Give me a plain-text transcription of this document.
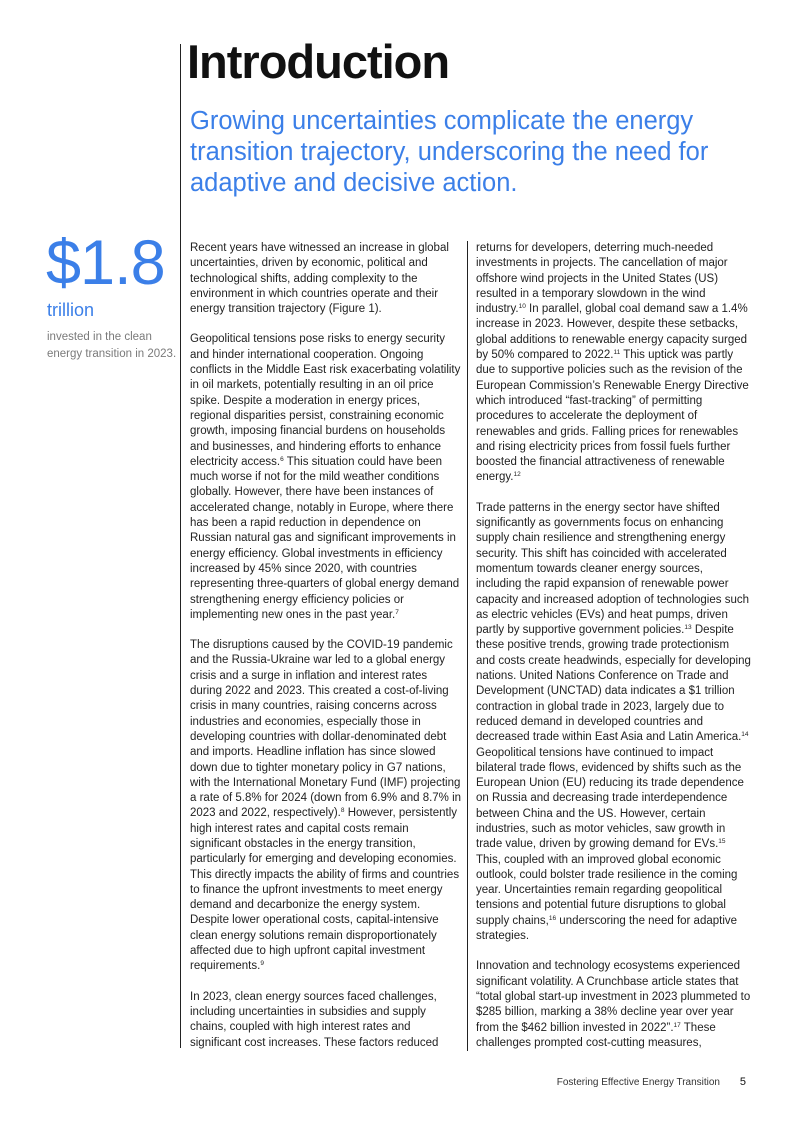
Introduction

Growing uncertainties complicate the energy transition trajectory, underscoring the need for adaptive and decisive action.

$1.8
trillion
invested in the clean energy transition in 2023.

Recent years have witnessed an increase in global uncertainties, driven by economic, political and technological shifts, adding complexity to the environment in which countries operate and their energy transition trajectory (Figure 1).

Geopolitical tensions pose risks to energy security and hinder international cooperation. Ongoing conflicts in the Middle East risk exacerbating volatility in oil markets, potentially resulting in an oil price spike. Despite a moderation in energy prices, regional disparities persist, constraining economic growth, imposing financial burdens on households and businesses, and hindering efforts to enhance electricity access.$^6$ This situation could have been much worse if not for the mild weather conditions globally. However, there have been instances of accelerated change, notably in Europe, where there has been a rapid reduction in dependence on Russian natural gas and significant improvements in energy efficiency. Global investments in efficiency increased by 45% since 2020, with countries representing three-quarters of global energy demand strengthening energy efficiency policies or implementing new ones in the past year.$^7$

The disruptions caused by the COVID-19 pandemic and the Russia-Ukraine war led to a global energy crisis and a surge in inflation and interest rates during 2022 and 2023. This created a cost-of-living crisis in many countries, raising concerns across industries and economies, especially those in developing countries with dollar-denominated debt and imports. Headline inflation has since slowed down due to tighter monetary policy in G7 nations, with the International Monetary Fund (IMF) projecting a rate of 5.8% for 2024 (down from 6.9% and 8.7% in 2023 and 2022, respectively).$^8$ However, persistently high interest rates and capital costs remain significant obstacles in the energy transition, particularly for emerging and developing economies. This directly impacts the ability of firms and countries to finance the upfront investments to meet energy demand and decarbonize the energy system. Despite lower operational costs, capital-intensive clean energy solutions remain disproportionately affected due to high upfront capital investment requirements.$^9$

In 2023, clean energy sources faced challenges, including uncertainties in subsidies and supply chains, coupled with high interest rates and significant cost increases. These factors reduced

returns for developers, deterring much-needed investments in projects. The cancellation of major offshore wind projects in the United States (US) resulted in a temporary slowdown in the wind industry.$^{10}$ In parallel, global coal demand saw a 1.4% increase in 2023. However, despite these setbacks, global additions to renewable energy capacity surged by 50% compared to 2022.11 This uptick was partly due to supportive policies such as the revision of the European Commission’s Renewable Energy Directive which introduced “fast-tracking” of permitting procedures to accelerate the deployment of renewables and grids. Falling prices for renewables and rising electricity prices from fossil fuels further boosted the financial attractiveness of renewable energy.$^{12}$

Trade patterns in the energy sector have shifted significantly as governments focus on enhancing supply chain resilience and strengthening energy security. This shift has coincided with accelerated momentum towards cleaner energy sources, including the rapid expansion of renewable power capacity and increased adoption of technologies such as electric vehicles (EVs) and heat pumps, driven partly by supportive government policies.$^{13}$ Despite these positive trends, growing trade protectionism and costs create headwinds, especially for developing nations. United Nations Conference on Trade and Development (UNCTAD) data indicates a $1 trillion contraction in global trade in 2023, largely due to reduced demand in developed countries and decreased trade within East Asia and Latin America.$^{14}$ Geopolitical tensions have continued to impact bilateral trade flows, evidenced by shifts such as the European Union (EU) reducing its trade dependence on Russia and decreasing trade interdependence between China and the US. However, certain industries, such as motor vehicles, saw growth in trade value, driven by growing demand for EVs.$^{15}$ This, coupled with an improved global economic outlook, could bolster trade resilience in the coming year. Uncertainties remain regarding geopolitical tensions and potential future disruptions to global supply chains,$^{16}$ underscoring the need for adaptive strategies.

Innovation and technology ecosystems experienced significant volatility. A Crunchbase article states that “total global start-up investment in 2023 plummeted to $285 billion, marking a 38% decline year over year from the $462 billion invested in 2022”.$^{17}$ These challenges prompted cost-cutting measures,

Fostering Effective Energy Transition 5
